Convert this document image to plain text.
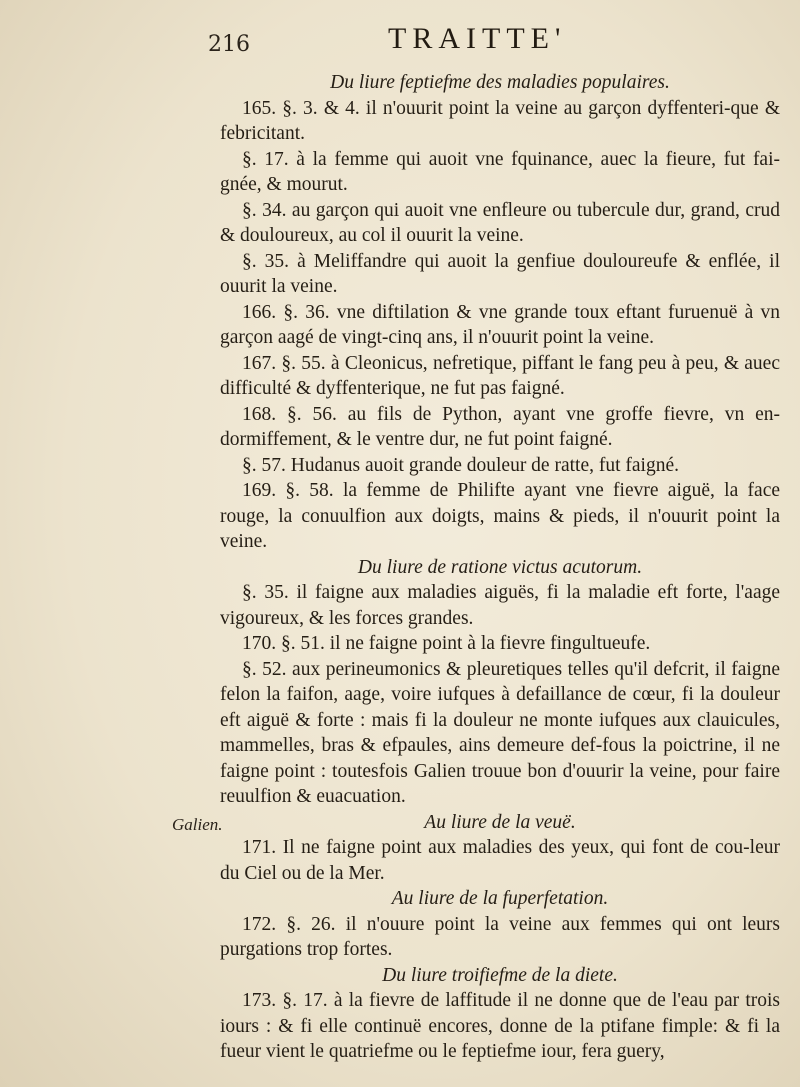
216	TRAITTE'
Galien.

Du liure feptiefme des maladies populaires.

165. §. 3. & 4. il n'ouurit point la veine au garçon dyffenteri-que & febricitant.

§. 17. à la femme qui auoit vne fquinance, auec la fieure, fut fai-gnée, & mourut.

§. 34. au garçon qui auoit vne enfleure ou tubercule dur, grand, crud & douloureux, au col il ouurit la veine.

§. 35. à Meliffandre qui auoit la genfiue douloureufe & enflée, il ouurit la veine.

166. §. 36. vne diftilation & vne grande toux eftant furuenuë à vn garçon aagé de vingt-cinq ans, il n'ouurit point la veine.

167. §. 55. à Cleonicus, nefretique, piffant le fang peu à peu, & auec difficulté & dyffenterique, ne fut pas faigné.

168. §. 56. au fils de Python, ayant vne groffe fievre, vn en-dormiffement, & le ventre dur, ne fut point faigné.

§. 57. Hudanus auoit grande douleur de ratte, fut faigné.

169. §. 58. la femme de Philifte ayant vne fievre aiguë, la face rouge, la conuulfion aux doigts, mains & pieds, il n'ouurit point la veine.

Du liure de ratione victus acutorum.

§. 35. il faigne aux maladies aiguës, fi la maladie eft forte, l'aage vigoureux, & les forces grandes.

170. §. 51. il ne faigne point à la fievre fingultueufe.

§. 52. aux perineumonics & pleuretiques telles qu'il defcrit, il faigne felon la faifon, aage, voire iufques à defaillance de cœur, fi la douleur eft aiguë & forte : mais fi la douleur ne monte iufques aux clauicules, mammelles, bras & efpaules, ains demeure def-fous la poictrine, il ne faigne point : toutesfois Galien trouue bon d'ouurir la veine, pour faire reuulfion & euacuation.

Au liure de la veuë.

171. Il ne faigne point aux maladies des yeux, qui font de cou-leur du Ciel ou de la Mer.

Au liure de la fuperfetation.

172. §. 26. il n'ouure point la veine aux femmes qui ont leurs purgations trop fortes.

Du liure troifiefme de la diete.

173. §. 17. à la fievre de laffitude il ne donne que de l'eau par trois iours : & fi elle continuë encores, donne de la ptifane fimple: & fi la fueur vient le quatriefme ou le feptiefme iour, fera guery,
